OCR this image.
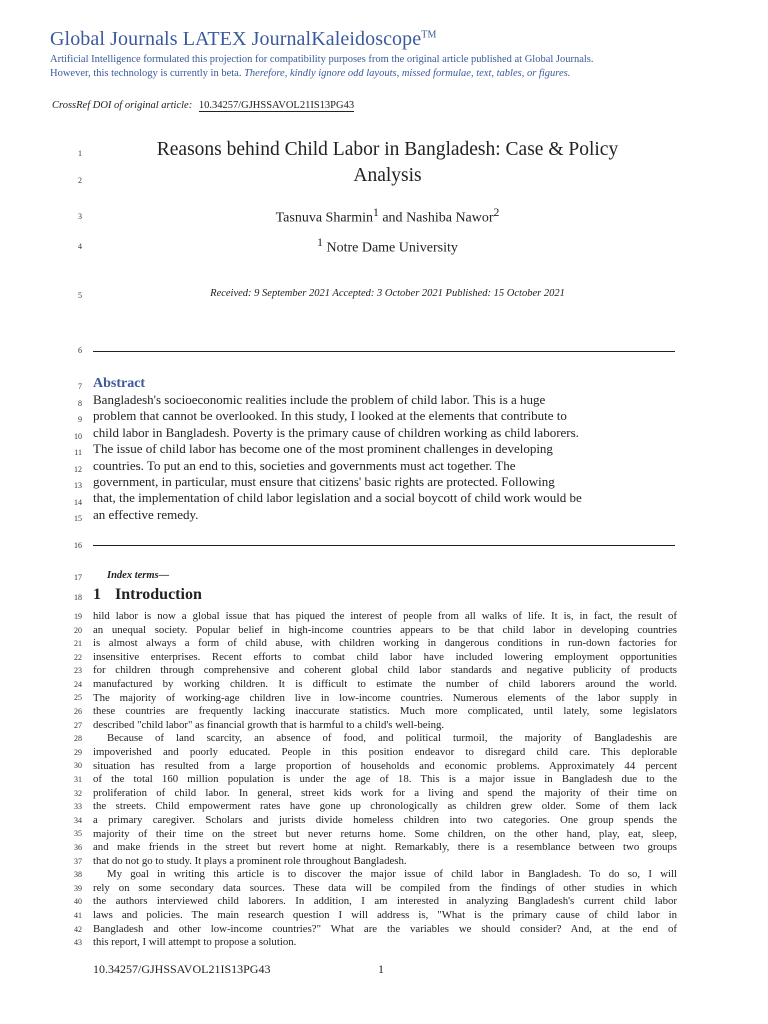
Global Journals LATEX JournalKaleidoscope™
Artificial Intelligence formulated this projection for compatibility purposes from the original article published at Global Journals.
However, this technology is currently in beta. Therefore, kindly ignore odd layouts, missed formulae, text, tables, or figures.
CrossRef DOI of original article: 10.34257/GJHSSAVOL21IS13PG43
1
2
3
4
5
6
7
8
9
10
11
12
13
14
15
16
17
18
19
20
21
22
23
24
25
26
27
28
29
30
31
32
33
34
35
36
37
38
39
40
41
42
43
Reasons behind Child Labor in Bangladesh: Case & Policy
Analysis
Tasnuva Sharmin$^1$ and Nashiba Nawor$^2$
$^1$ Notre Dame University
Received: 9 September 2021 Accepted: 3 October 2021 Published: 15 October 2021
Abstract
Bangladesh's socioeconomic realities include the problem of child labor. This is a huge
problem that cannot be overlooked. In this study, I looked at the elements that contribute to
child labor in Bangladesh. Poverty is the primary cause of children working as child laborers.
The issue of child labor has become one of the most prominent challenges in developing
countries. To put an end to this, societies and governments must act together. The
government, in particular, must ensure that citizens' basic rights are protected. Following
that, the implementation of child labor legislation and a social boycott of child work would be
an effective remedy.
Index terms—
1 Introduction
hild labor is now a global issue that has piqued the interest of people from all walks of life. It is, in fact, the result of
an unequal society. Popular belief in high-income countries appears to be that child labor in developing countries
is almost always a form of child abuse, with children working in dangerous conditions in run-down factories for
insensitive enterprises. Recent efforts to combat child labor have included lowering employment opportunities
for children through comprehensive and coherent global child labor standards and negative publicity of products
manufactured by working children. It is difficult to estimate the number of child laborers around the world.
The majority of working-age children live in low-income countries. Numerous elements of the labor supply in
these countries are frequently lacking inaccurate statistics. Much more complicated, until lately, some legislators
described "child labor" as financial growth that is harmful to a child's well-being.
Because of land scarcity, an absence of food, and political turmoil, the majority of Bangladeshis are
impoverished and poorly educated. People in this position endeavor to disregard child care. This deplorable
situation has resulted from a large proportion of households and economic problems. Approximately 44 percent
of the total 160 million population is under the age of 18. This is a major issue in Bangladesh due to the
proliferation of child labor. In general, street kids work for a living and spend the majority of their time on
the streets. Child empowerment rates have gone up chronologically as children grew older. Some of them lack
a primary caregiver. Scholars and jurists divide homeless children into two categories. One group spends the
majority of their time on the street but never returns home. Some children, on the other hand, play, eat, sleep,
and make friends in the street but revert home at night. Remarkably, there is a resemblance between two groups
that do not go to study. It plays a prominent role throughout Bangladesh.
My goal in writing this article is to discover the major issue of child labor in Bangladesh. To do so, I will
rely on some secondary data sources. These data will be compiled from the findings of other studies in which
the authors interviewed child laborers. In addition, I am interested in analyzing Bangladesh's current child labor
laws and policies. The main research question I will address is, "What is the primary cause of child labor in
Bangladesh and other low-income countries?" What are the variables we should consider? And, at the end of
this report, I will attempt to propose a solution.
10.34257/GJHSSAVOL21IS13PG43	1
